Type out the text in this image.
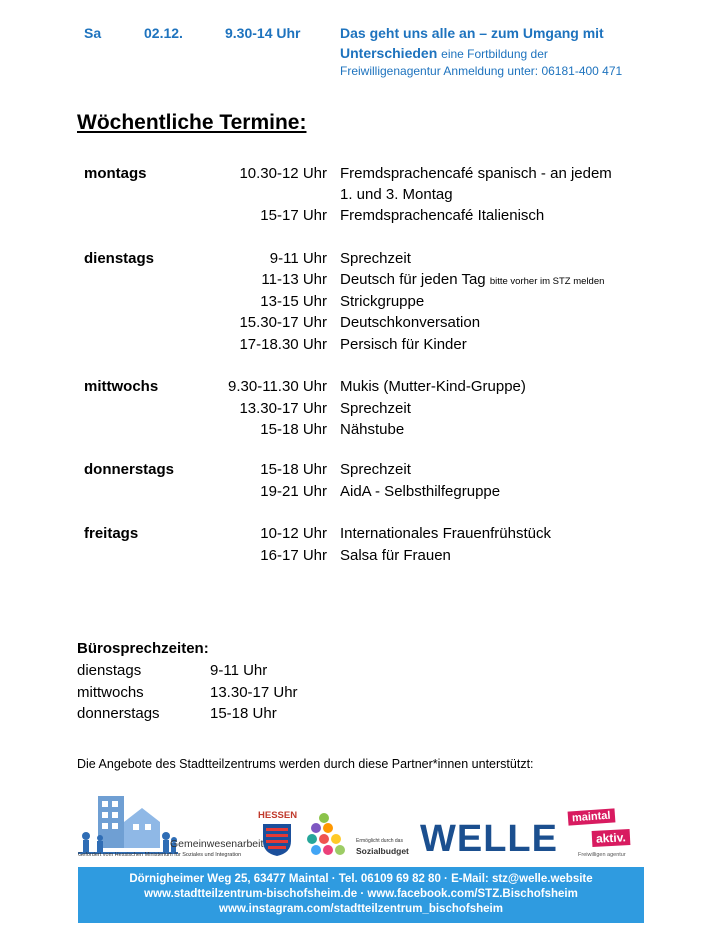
Sa	02.12.	9.30-14 Uhr	Das geht uns alle an – zum Umgang mit
Unterschieden eine Fortbildung der
Freiwilligenagentur Anmeldung unter: 06181-400 471
Wöchentliche Termine:
montags	10.30-12 Uhr Fremdsprachencafé spanisch - an jedem
1. und 3. Montag
15-17 Uhr Fremdsprachencafé Italienisch
dienstags	9-11 Uhr Sprechzeit
11-13 Uhr Deutsch für jeden Tag bitte vorher im STZ melden
13-15 Uhr Strickgruppe
15.30-17 Uhr Deutschkonversation
17-18.30 Uhr Persisch für Kinder
mittwochs	9.30-11.30 Uhr Mukis (Mutter-Kind-Gruppe)
13.30-17 Uhr Sprechzeit
15-18 Uhr Nähstube
donnerstags	15-18 Uhr Sprechzeit
19-21 Uhr AidA - Selbsthilfegruppe
freitags	10-12 Uhr Internationales Frauenfrühstück
16-17 Uhr Salsa für Frauen
Bürosprechzeiten:
dienstags	9-11 Uhr
mittwochs	13.30-17 Uhr
donnerstags	15-18 Uhr
Die Angebote des Stadtteilzentrums werden durch diese Partner*innen unterstützt:
Gemeinwesenarbeit
Gefördert vom Hessischen Ministerium für Soziales und Integration
HESSEN
Ermöglicht durch das
Sozialbudget WELLE
maintal
aktiv.
Freiwilligen agentur
Dörnigheimer Weg 25, 63477 Maintal · Tel. 06109 69 82 80 · E-Mail: stz@welle.website
www.stadtteilzentrum-bischofsheim.de · www.facebook.com/STZ.Bischofsheim
www.instagram.com/stadtteilzentrum_bischofsheim
